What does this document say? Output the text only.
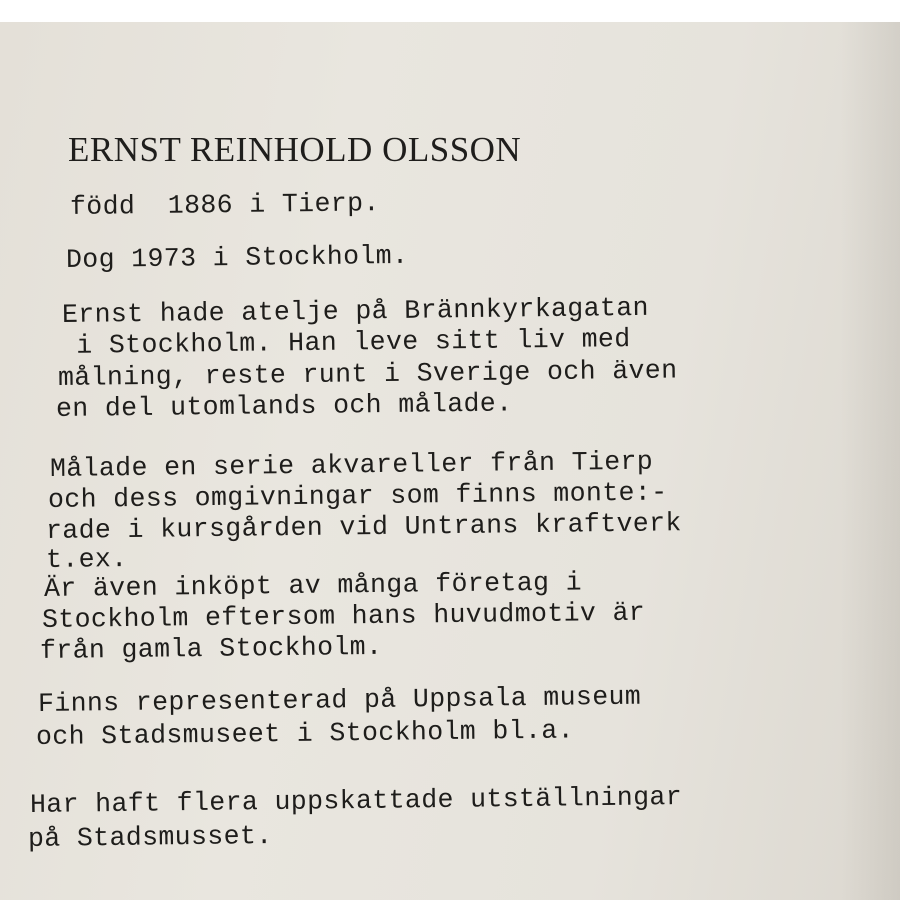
ERNST REINHOLD OLSSON
född  1886 i Tierp.
Dog 1973 i Stockholm.
Ernst hade atelje på Brännkyrkagatan
i Stockholm. Han leve sitt liv med
målning, reste runt i Sverige och även
en del utomlands och målade.
Målade en serie akvareller från Tierp
och dess omgivningar som finns monte:-
rade i kursgården vid Untrans kraftverk
t.ex.
Är även inköpt av många företag i
Stockholm eftersom hans huvudmotiv är
från gamla Stockholm.
Finns representerad på Uppsala museum
och Stadsmuseet i Stockholm bl.a.
Har haft flera uppskattade utställningar
på Stadsmusset.
